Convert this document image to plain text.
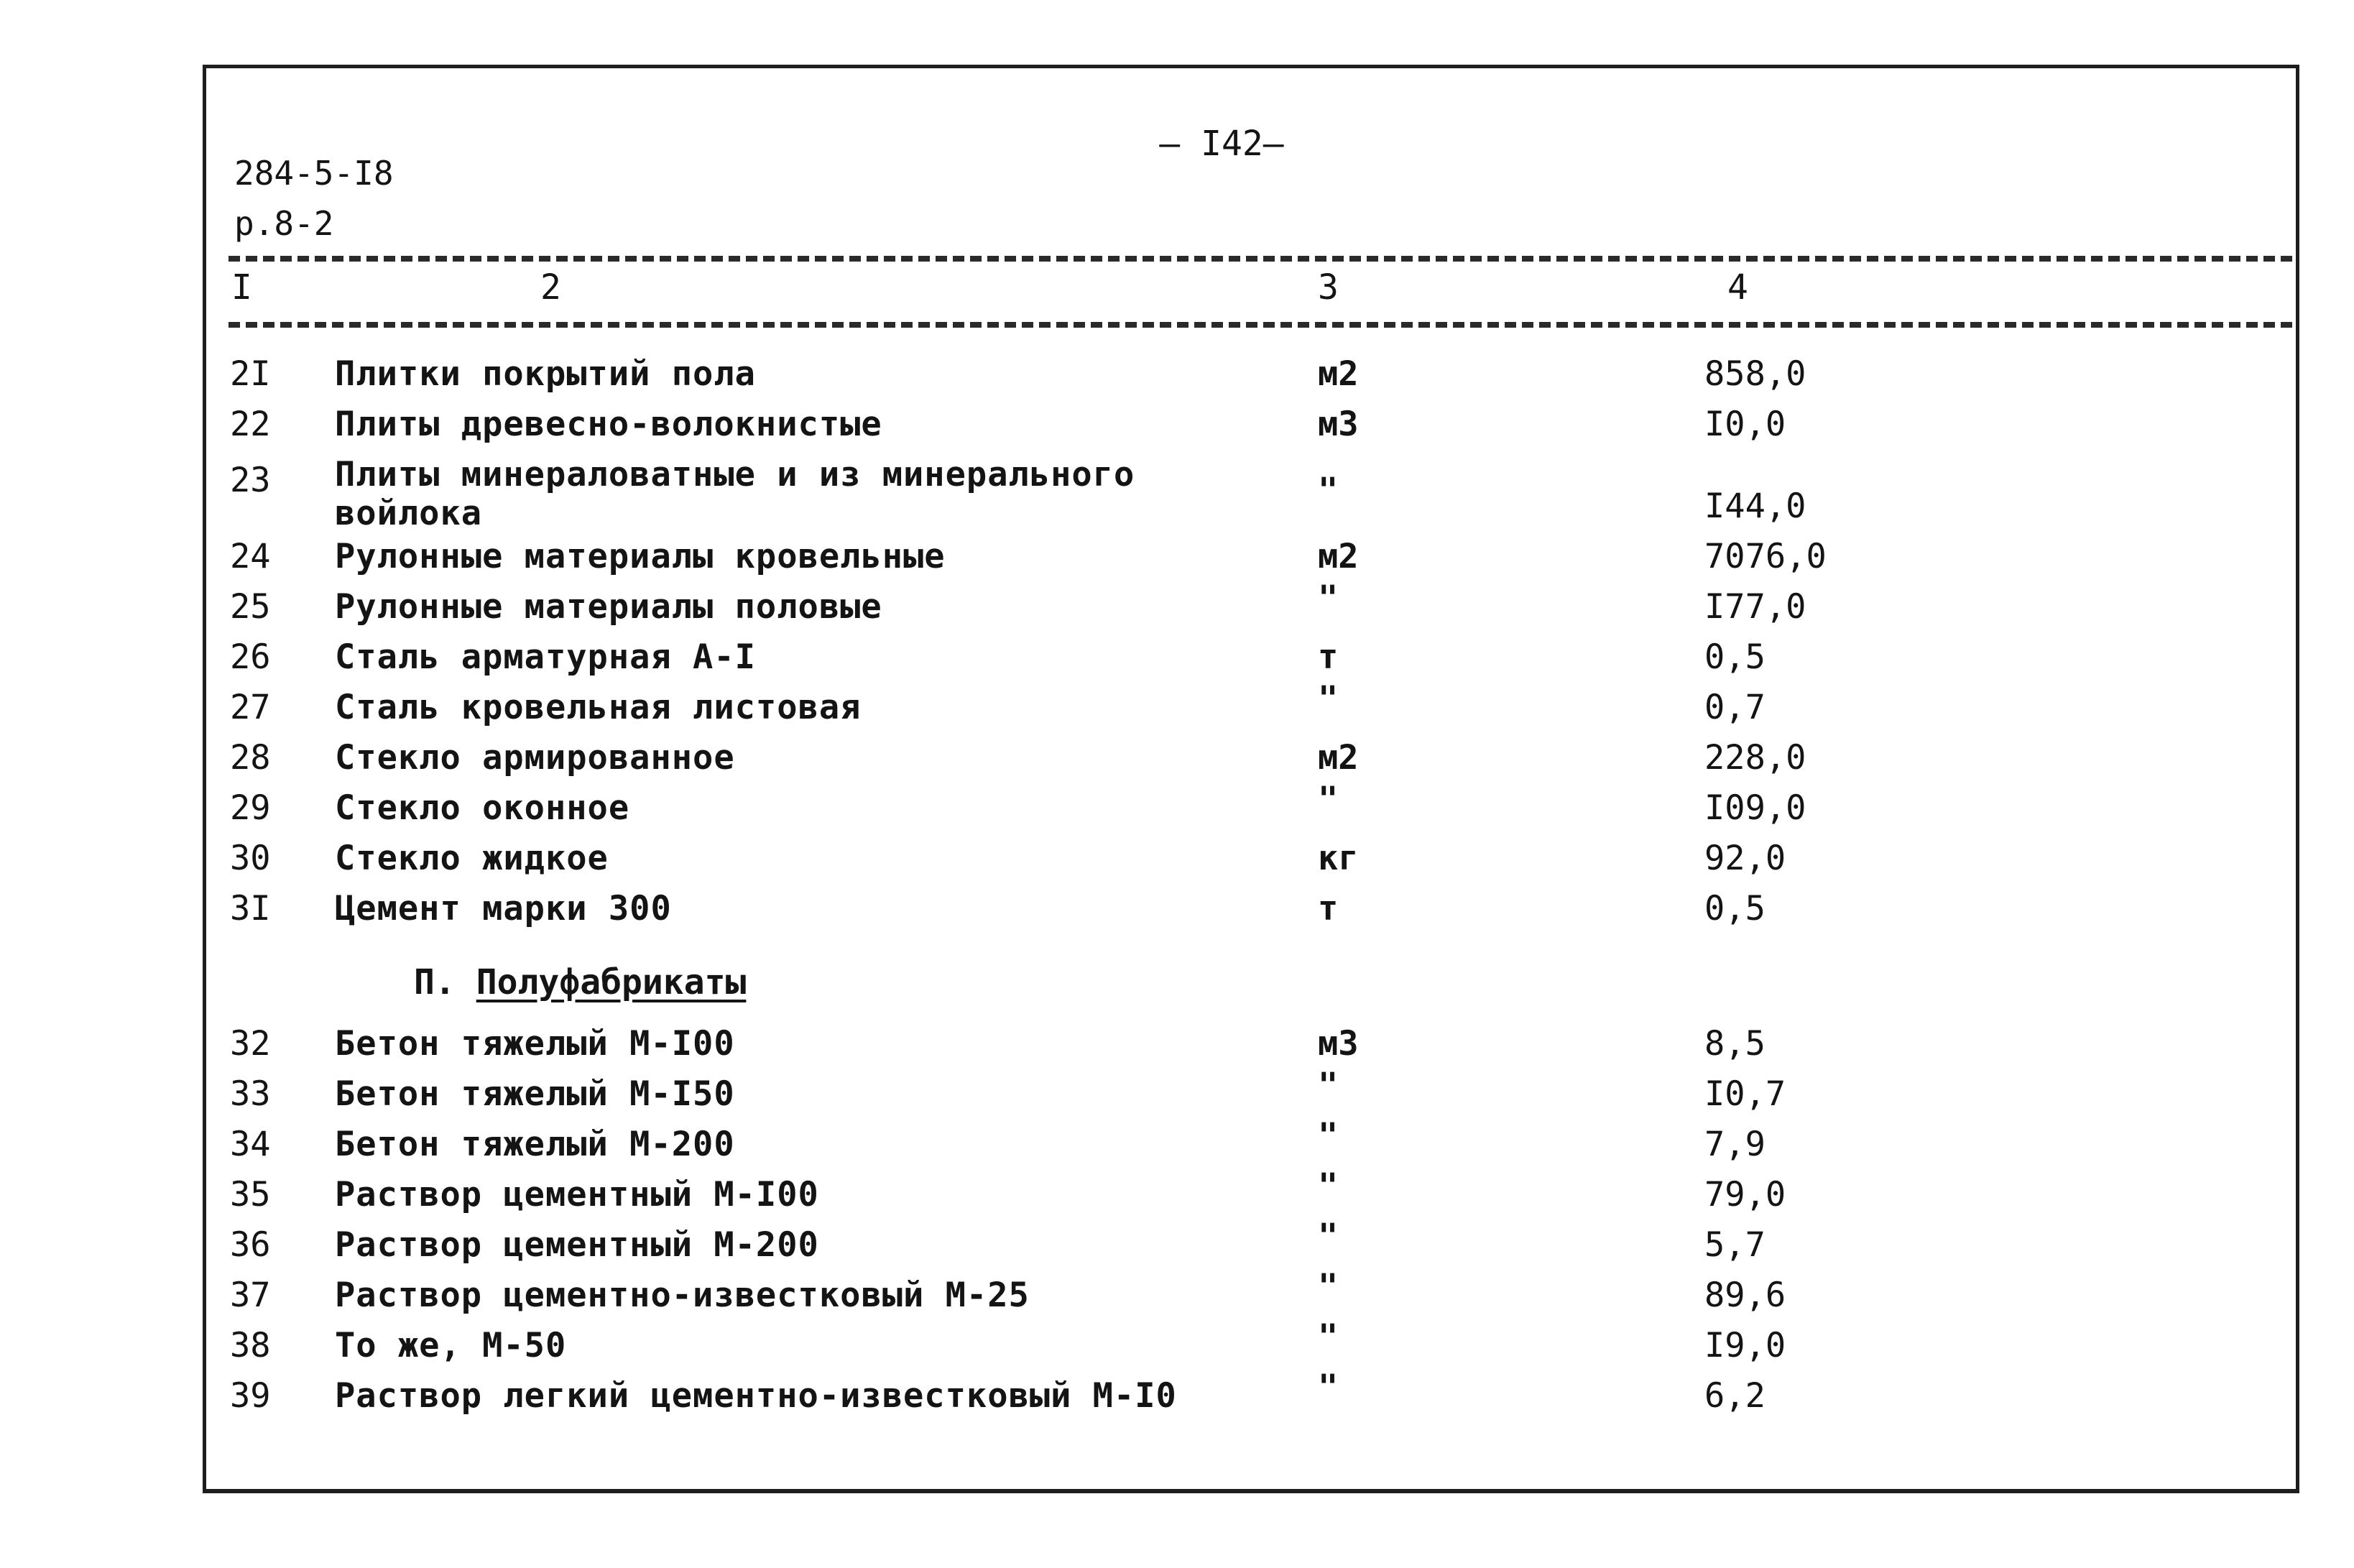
284-5-I8
р.8-2
— I42—
I	2	3	4
2I Плитки покрытий пола	м2	858,0
22 Плиты древесно-волокнистые	м3	I0,0
23 Плиты минераловатные и из минерального
войлока
"	I44,0
24 Рулонные материалы кровельные	м2	7076,0
25 Рулонные материалы половые	"	I77,0
26 Сталь арматурная А-I	т	0,5
27 Сталь кровельная листовая	"	0,7
28 Стекло армированное	м2	228,0
29 Стекло оконное	"	I09,0
30 Стекло жидкое	кг	92,0
3I Цемент марки 300	т	0,5
П. Полуфабрикаты
32 Бетон тяжелый М-I00	м3	8,5
33 Бетон тяжелый М-I50	"	I0,7
34 Бетон тяжелый М-200	"	7,9
35 Раствор цементный М-I00	"	79,0
36 Раствор цементный М-200	"	5,7
37 Раствор цементно-известковый М-25	"	89,6
38 То же, М-50	"	I9,0
39 Раствор легкий цементно-известковый М-I0	"	6,2
